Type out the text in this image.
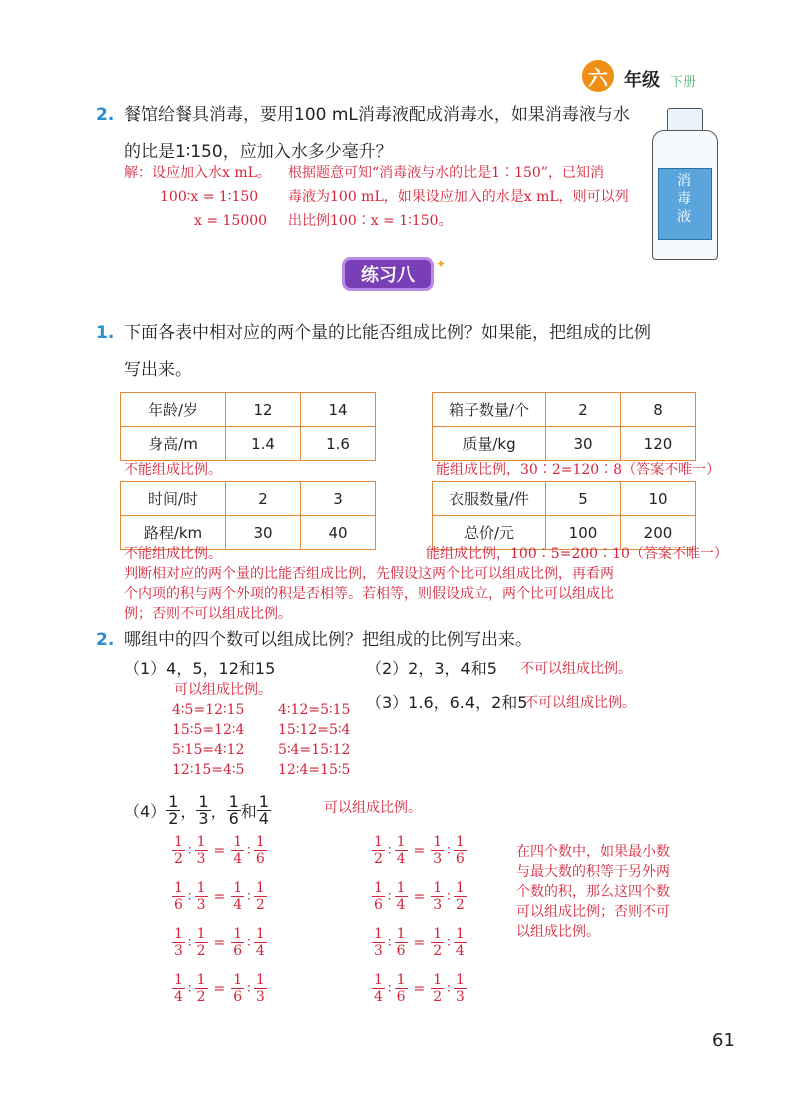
六 年级 下册
2. 餐馆给餐具消毒，要用100 mL消毒液配成消毒水，如果消毒液与水
的比是1∶150，应加入水多少毫升？
解：设应加入水x mL。
100∶x = 1∶150
x = 15000
根据题意可知“消毒液与水的比是1∶150”，已知消
毒液为100 mL，如果设应加入的水是x mL，则可以列
出比例100∶x = 1∶150。
消毒液
练习八
✦
1. 下面各表中相对应的两个量的比能否组成比例？如果能，把组成的比例
写出来。
年龄/岁	12	14
身高/m	1.4	1.6
不能组成比例。
箱子数量/个	2	8
质量/kg	30	120
能组成比例，30∶2=120∶8（答案不唯一）
时间/时	2	3
路程/km	30	40
不能组成比例。
衣服数量/件	5	10
总价/元	100	200
能组成比例，100∶5=200∶10（答案不唯一）
判断相对应的两个量的比能否组成比例，先假设这两个比可以组成比例，再看两
个内项的积与两个外项的积是否相等。若相等，则假设成立，两个比可以组成比
例；否则不可以组成比例。
2. 哪组中的四个数可以组成比例？把组成的比例写出来。
（1）4，5，12和15
可以组成比例。
4∶5=12∶15 4∶12=5∶15
15∶5=12∶4 15∶12=5∶4
5∶15=4∶12 5∶4=15∶12
12∶15=4∶5 12∶4=15∶5
（2）2，3，4和5 不可以组成比例。
（3）1.6，6.4，2和5
不可以组成比例。
$(4) \frac{1}{2}$ ， $\frac{1}{3}$ ， $\frac{1}{6}$ 和 $\frac{1}{4}$	可以组成比例。
$\frac{1}{2}$ ∶ $\frac{1}{3} = \frac{1}{4}$ ∶ $\frac{1}{6}$
$\frac{1}{6}$ ∶ $\frac{1}{3} = \frac{1}{4}$ ∶ $\frac{1}{2}$
$\frac{1}{3}$ ∶ $\frac{1}{2} = \frac{1}{6}$ ∶ $\frac{1}{4}$
$\frac{1}{4}$ ∶ $\frac{1}{2} = \frac{1}{6}$ ∶ $\frac{1}{3}$
$\frac{1}{2}$ ∶ $\frac{1}{4} = \frac{1}{3}$ ∶ $\frac{1}{6}$
$\frac{1}{6}$ ∶ $\frac{1}{4} = \frac{1}{3}$ ∶ $\frac{1}{2}$
$\frac{1}{3}$ ∶ $\frac{1}{6} = \frac{1}{2}$ ∶ $\frac{1}{4}$
$\frac{1}{4}$ ∶ $\frac{1}{6} = \frac{1}{2}$ ∶ $\frac{1}{3}$
在四个数中，如果最小数
与最大数的积等于另外两
个数的积，那么这四个数
可以组成比例；否则不可
以组成比例。
61
